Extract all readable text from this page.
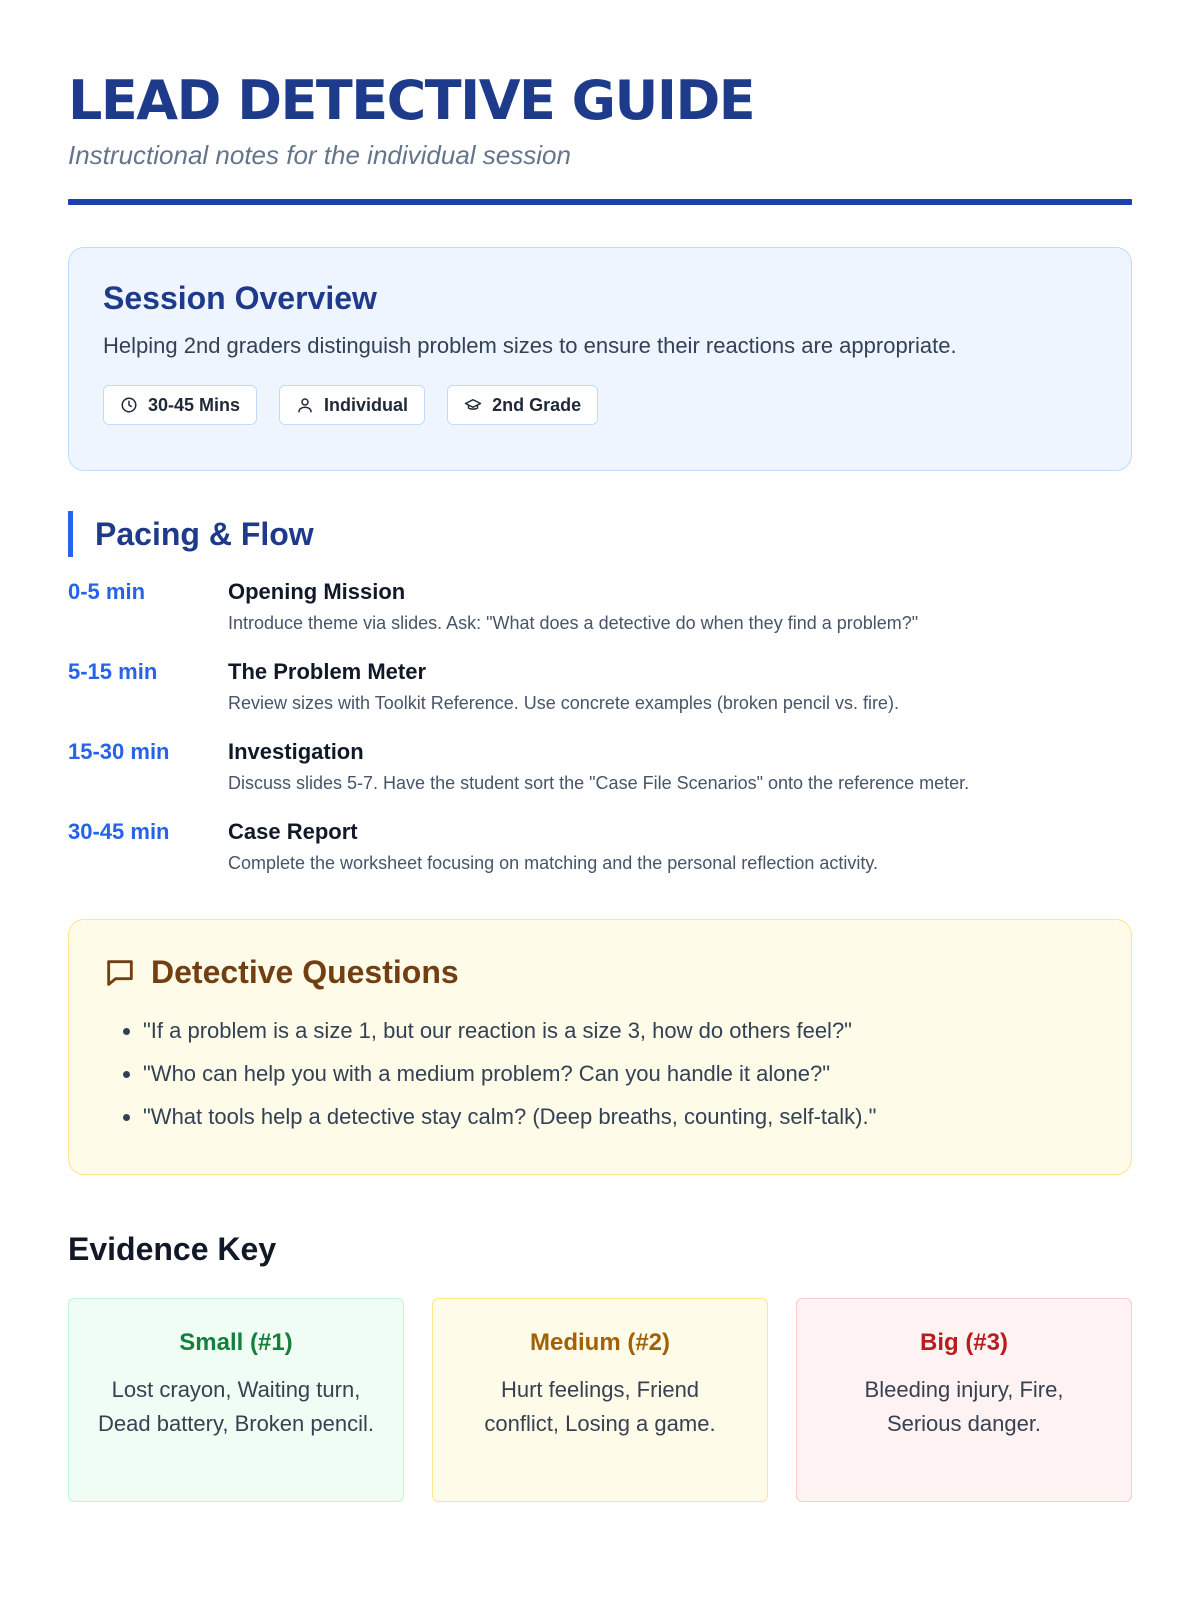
LEAD DETECTIVE GUIDE
Instructional notes for the individual session
Session Overview

Helping 2nd graders distinguish problem sizes to ensure their reactions are appropriate.

30-45 Mins	Individual	2nd Grade
Pacing & Flow
0-5 min	Opening Mission
Introduce theme via slides. Ask: "What does a detective do when they find a problem?"
5-15 min	The Problem Meter
Review sizes with Toolkit Reference. Use concrete examples (broken pencil vs. fire).
15-30 min	Investigation
Discuss slides 5-7. Have the student sort the "Case File Scenarios" onto the reference meter.
30-45 min	Case Report
Complete the worksheet focusing on matching and the personal reflection activity.
Detective Questions
• "If a problem is a size 1, but our reaction is a size 3, how do others feel?"
• "Who can help you with a medium problem? Can you handle it alone?"
• "What tools help a detective stay calm? (Deep breaths, counting, self-talk)."
Evidence Key
Small (#1)

Lost crayon, Waiting turn, Dead battery, Broken pencil.

Medium (#2)

Hurt feelings, Friend conflict, Losing a game.

Big (#3)

Bleeding injury, Fire, Serious danger.
